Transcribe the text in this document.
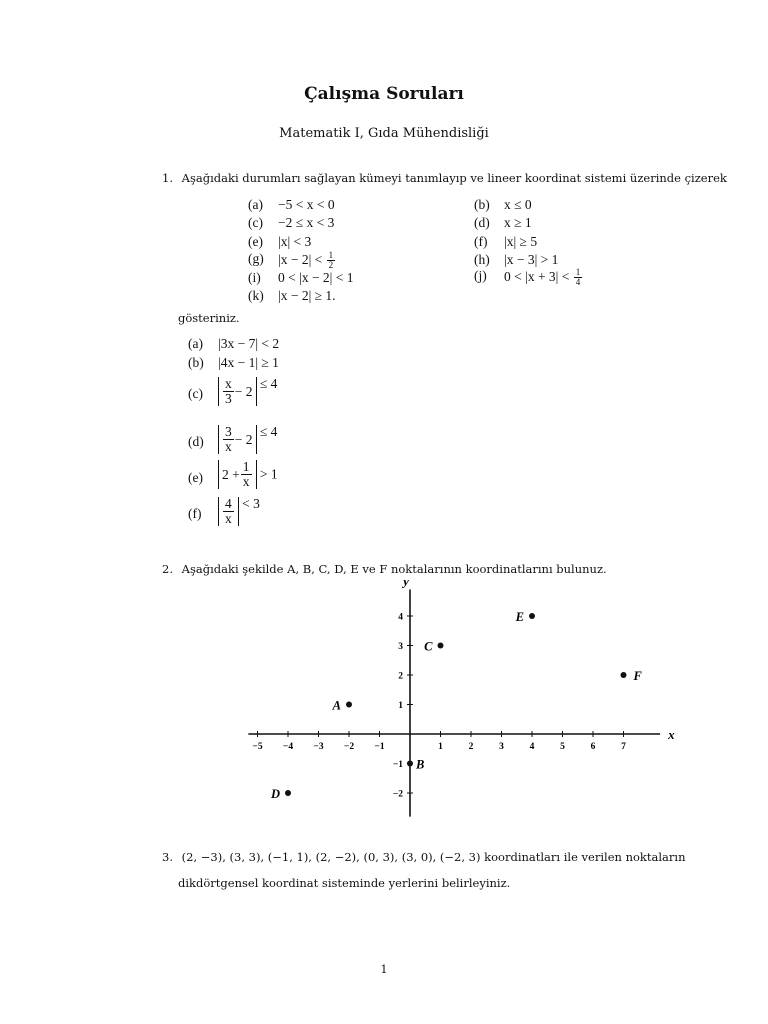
Çalışma Soruları
Matematik I, Gıda Mühendisliği
1. Aşağıdaki durumları sağlayan kümeyi tanımlayıp ve lineer koordinat sistemi üzerinde çizerek
(a) −5 < x < 0
(c) −2 ≤ x < 3
(e) |x| < 3
(g) $|x - 2| < \frac{1}{2}$
(i) 0 < |x − 2| < 1
(k) |x − 2| ≥ 1.
(b) x ≤ 0
(d) x ≥ 1
(f) |x| ≥ 5
(h) |x − 3| > 1
(j) $0 < |x + 3| < \frac{1}{4}$
gösteriniz.
(a) |3x − 7| < 2
(b) |4x − 1| ≥ 1
$(c) \frac{x}{3} - 2$
≤ 4
$(d) \frac{3}{x} - 2$
≤ 4
(e) $2 + \frac{1}{x} > 1$
$(f) \frac{4}{x} < 3$
2. Aşağıdaki şekilde A, B, C, D, E ve F noktalarının koordinatlarını bulunuz.
x
y
−5 −4 −3 −2 −1	1	2	3	4	5	6	7
−2
−1
1
2
3
4
A
B
C
D
E
F
3. (2, −3), (3, 3), (−1, 1), (2, −2), (0, 3), (3, 0), (−2, 3) koordinatları ile verilen noktaların
dikdörtgensel koordinat sisteminde yerlerini belirleyiniz.
1
